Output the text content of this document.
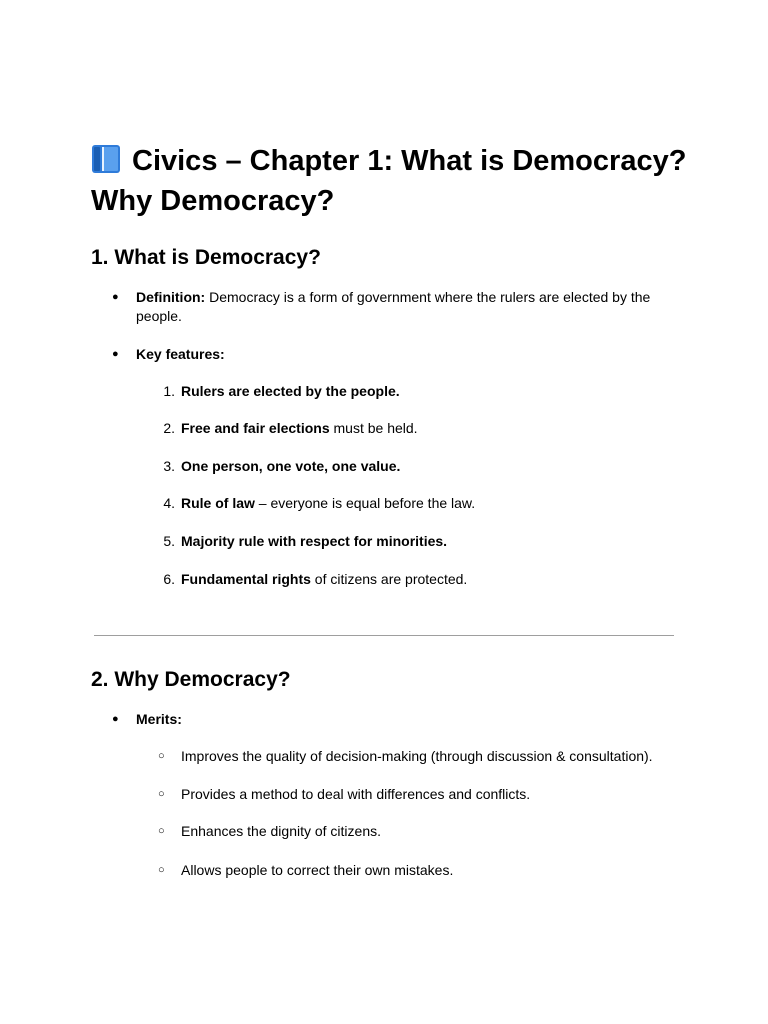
Civics – Chapter 1: What is Democracy? Why Democracy?
1. What is Democracy?
● Definition: Democracy is a form of government where the rulers are elected by the people.
● Key features:
1. Rulers are elected by the people.
2. Free and fair elections must be held.
3. One person, one vote, one value.
4. Rule of law – everyone is equal before the law.
5. Majority rule with respect for minorities.
6. Fundamental rights of citizens are protected.
2. Why Democracy?
● Merits:
○ Improves the quality of decision-making (through discussion & consultation).
○ Provides a method to deal with differences and conflicts.
○ Enhances the dignity of citizens.
○ Allows people to correct their own mistakes.
